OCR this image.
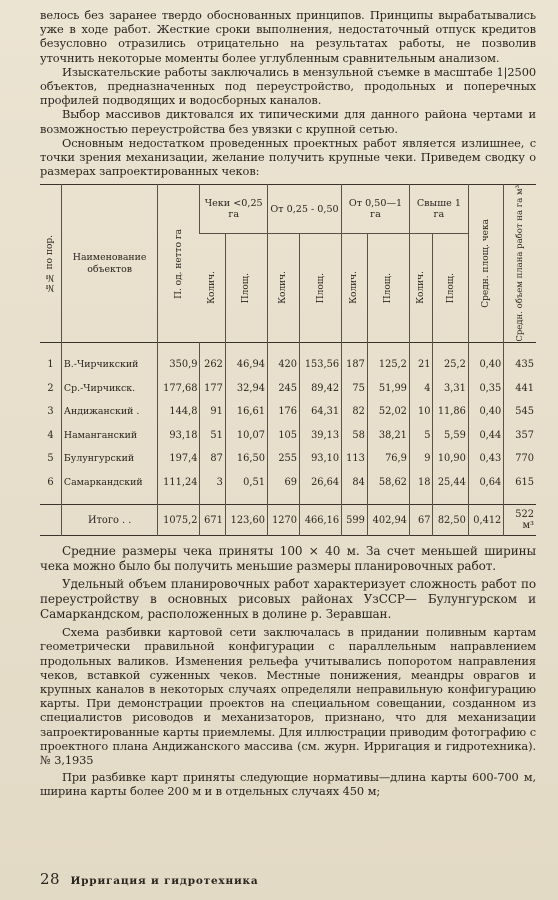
велось без заранее твердо обоснованных принципов. Принципы вырабатывались уже в ходе работ. Жесткие сроки выполнения, недостаточный отпуск кредитов безусловно отразились отрицательно на результатах работы, не позволив уточнить некоторые моменты более углубленным сравнительным анализом.

Изыскательские работы заключались в мензульной съемке в масштабе 1|2500 объектов, предназначенных под переустройство, продольных и поперечных профилей подводящих и водосборных каналов.

Выбор массивов диктовался их типическими для данного района чертами и возможностью переустройства без увязки с крупной сетью.

Основным недостатком проведенных проектных работ является излишнее, с точки зрения механизации, желание получить крупные чеки. Приведем сводку о размерах запроектированных чеков:

№№ по пор.	Наименование объектов	П. од. нетто га	Чеки <0,25 га		От 0,25 - 0,50		От 0,50—1 га		Свыше 1 га		Средн. площ. чека	Средн. объем плана работ на га м³

			Колич.	Площ.	Колич.	Площ.	Колич.	Площ.	Колич.	Площ.		

1	В.-Чирчикский	350,9	262	46,94	420	153,56	187	125,2	21	25,2	0,40	435
2	Ср.-Чирчикск.	177,68	177	32,94	245	89,42	75	51,99	4	3,31	0,35	441
3	Андижанский .	144,8	91	16,61	176	64,31	82	52,02	10	11,86	0,40	545
4	Наманганский	93,18	51	10,07	105	39,13	58	38,21	5	5,59	0,44	357
5	Булунгурский	197,4	87	16,50	255	93,10	113	76,9	9	10,90	0,43	770
6	Самаркандский	111,24	3	0,51	69	26,64	84	58,62	18	25,44	0,64	615

	Итого . .	1075,2	671	123,60	1270	466,16	599	402,94	67	82,50	0,412	522 м³

Средние размеры чека приняты 100 × 40 м. За счет меньшей ширины чека можно было бы получить меньшие размеры планировочных работ.

Удельный объем планировочных работ характеризует сложность работ по переустройству в основных рисовых районах УзССР— Булунгурском и Самаркандском, расположенных в долине р. Зеравшан.

Схема разбивки картовой сети заключалась в придании поливным картам геометрически правильной конфигурации с параллельным направлением продольных валиков. Изменения рельефа учитывались попоротом направления чеков, вставкой суженных чеков. Местные понижения, меандры оврагов и крупных каналов в некоторых случаях определяли неправильную конфигурацию карты. При демонстрации проектов на специальном совещании, созданном из специалистов рисоводов и механизаторов, признано, что для механизации запроектированные карты приемлемы. Для иллюстрации приводим фотографию с проектного плана Андижанского массива (см. журн. Ирригация и гидротехника). № 3,1935

При разбивке карт приняты следующие нормативы—длина карты 600-700 м, ширина карты более 200 м и в отдельных случаях 450 м;

28 Ирригация и гидротехника
